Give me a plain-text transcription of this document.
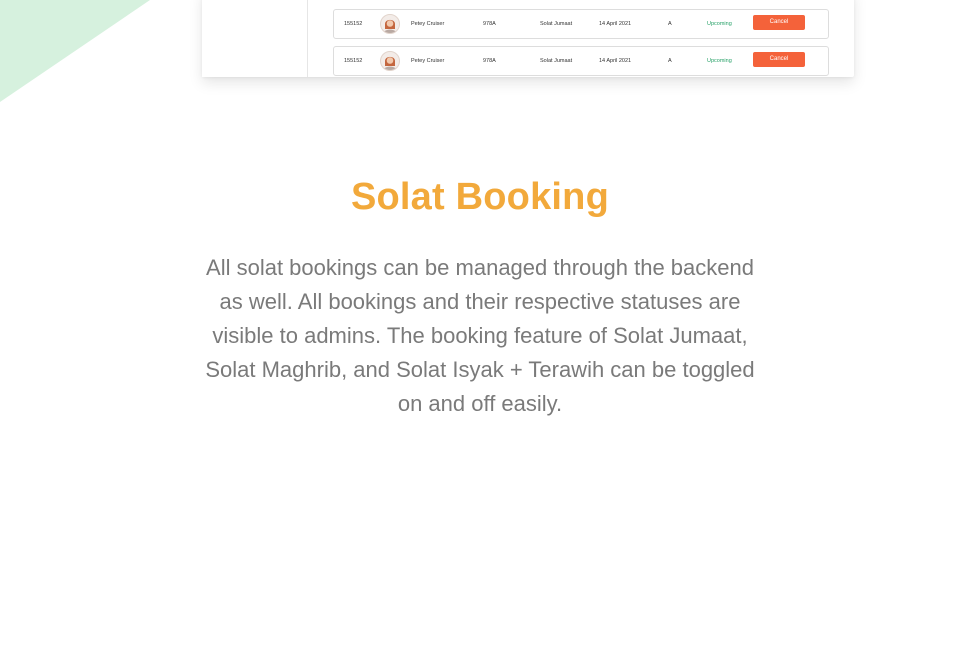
155152	Petey Cruiser	978A	Solat Jumaat	14 April 2021	A	Upcoming	Cancel
155152	Petey Cruiser	978A	Solat Jumaat	14 April 2021	A	Upcoming	Cancel
Solat Booking

All solat bookings can be managed through the backend as well. All bookings and their respective statuses are visible to admins. The booking feature of Solat Jumaat, Solat Maghrib, and Solat Isyak + Terawih can be toggled on and off easily.
